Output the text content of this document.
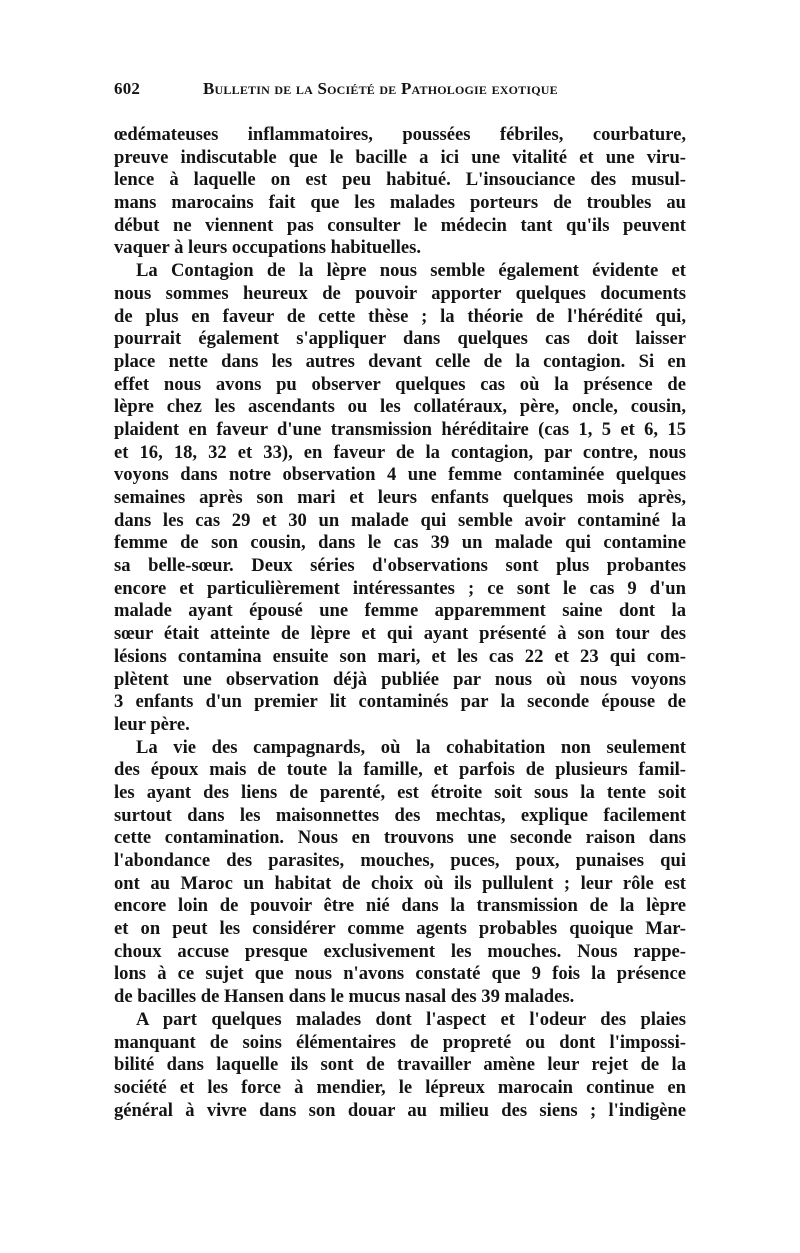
602	Bulletin de la Société de Pathologie exotique
œdémateuses inflammatoires, poussées fébriles, courbature,
preuve indiscutable que le bacille a ici une vitalité et une viru-
lence à laquelle on est peu habitué. L'insouciance des musul-
mans marocains fait que les malades porteurs de troubles au
début ne viennent pas consulter le médecin tant qu'ils peuvent
vaquer à leurs occupations habituelles.
La Contagion de la lèpre nous semble également évidente et
nous sommes heureux de pouvoir apporter quelques documents
de plus en faveur de cette thèse ; la théorie de l'hérédité qui,
pourrait également s'appliquer dans quelques cas doit laisser
place nette dans les autres devant celle de la contagion. Si en
effet nous avons pu observer quelques cas où la présence de
lèpre chez les ascendants ou les collatéraux, père, oncle, cousin,
plaident en faveur d'une transmission héréditaire (cas 1, 5 et 6, 15
et 16, 18, 32 et 33), en faveur de la contagion, par contre, nous
voyons dans notre observation 4 une femme contaminée quelques
semaines après son mari et leurs enfants quelques mois après,
dans les cas 29 et 30 un malade qui semble avoir contaminé la
femme de son cousin, dans le cas 39 un malade qui contamine
sa belle-sœur. Deux séries d'observations sont plus probantes
encore et particulièrement intéressantes ; ce sont le cas 9 d'un
malade ayant épousé une femme apparemment saine dont la
sœur était atteinte de lèpre et qui ayant présenté à son tour des
lésions contamina ensuite son mari, et les cas 22 et 23 qui com-
plètent une observation déjà publiée par nous où nous voyons
3 enfants d'un premier lit contaminés par la seconde épouse de
leur père.
La vie des campagnards, où la cohabitation non seulement
des époux mais de toute la famille, et parfois de plusieurs famil-
les ayant des liens de parenté, est étroite soit sous la tente soit
surtout dans les maisonnettes des mechtas, explique facilement
cette contamination. Nous en trouvons une seconde raison dans
l'abondance des parasites, mouches, puces, poux, punaises qui
ont au Maroc un habitat de choix où ils pullulent ; leur rôle est
encore loin de pouvoir être nié dans la transmission de la lèpre
et on peut les considérer comme agents probables quoique Mar-
choux accuse presque exclusivement les mouches. Nous rappe-
lons à ce sujet que nous n'avons constaté que 9 fois la présence
de bacilles de Hansen dans le mucus nasal des 39 malades.
A part quelques malades dont l'aspect et l'odeur des plaies
manquant de soins élémentaires de propreté ou dont l'impossi-
bilité dans laquelle ils sont de travailler amène leur rejet de la
société et les force à mendier, le lépreux marocain continue en
général à vivre dans son douar au milieu des siens ; l'indigène
